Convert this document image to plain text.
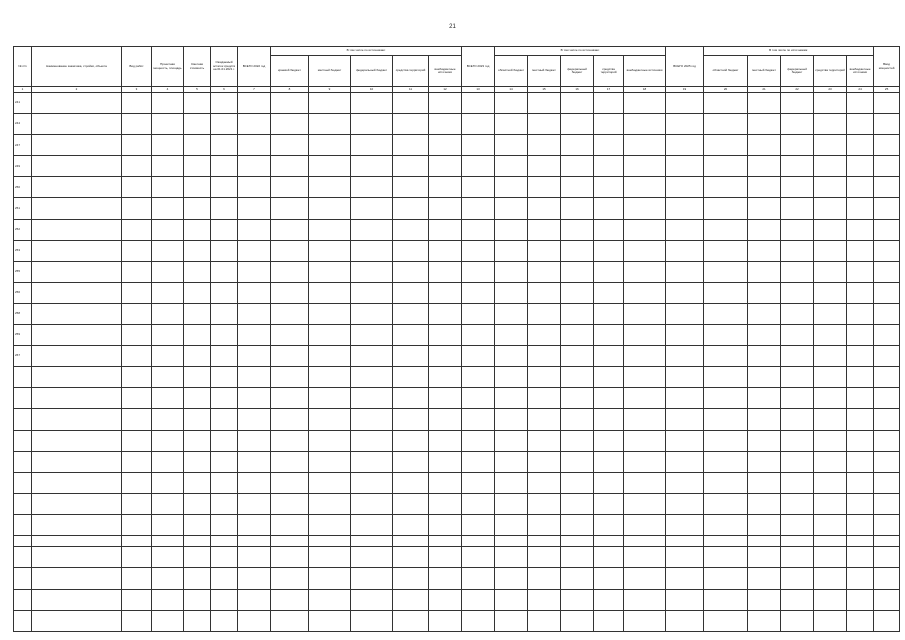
21
№ п/п	Наименование заказчика, стройки, объекта	Вид работ	Проектная мощность, площадь	Сметная стоимость	Ожидаемый остаток средств на 01.01.2021 г.	ВСЕГО 2022 год	В том числе по источникам:					ВСЕГО 2023 год	В том числе по источникам:					ВСЕГО 2025 год	В том числе по источникам:					Ввод мощностей
							краевой бюджет	местный бюджет	федеральный бюджет	средства территорий	внебюджетные источники		областной бюджет	местный бюджет	федеральный бюджет	средства территорий	внебюджетные источники		областной бюджет	местный бюджет	федеральный бюджет	средства территорий	внебюджетные источники	
1	2	3	4	5	6	7	8	9	10	11	12	13	14	15	16	17	18	19	20	21	22	23	24	25
241																								
244																								
247																								
249																								
250																								
251																								
252																								
253																								
255																								
256																								
258																								
259																								
267																								
